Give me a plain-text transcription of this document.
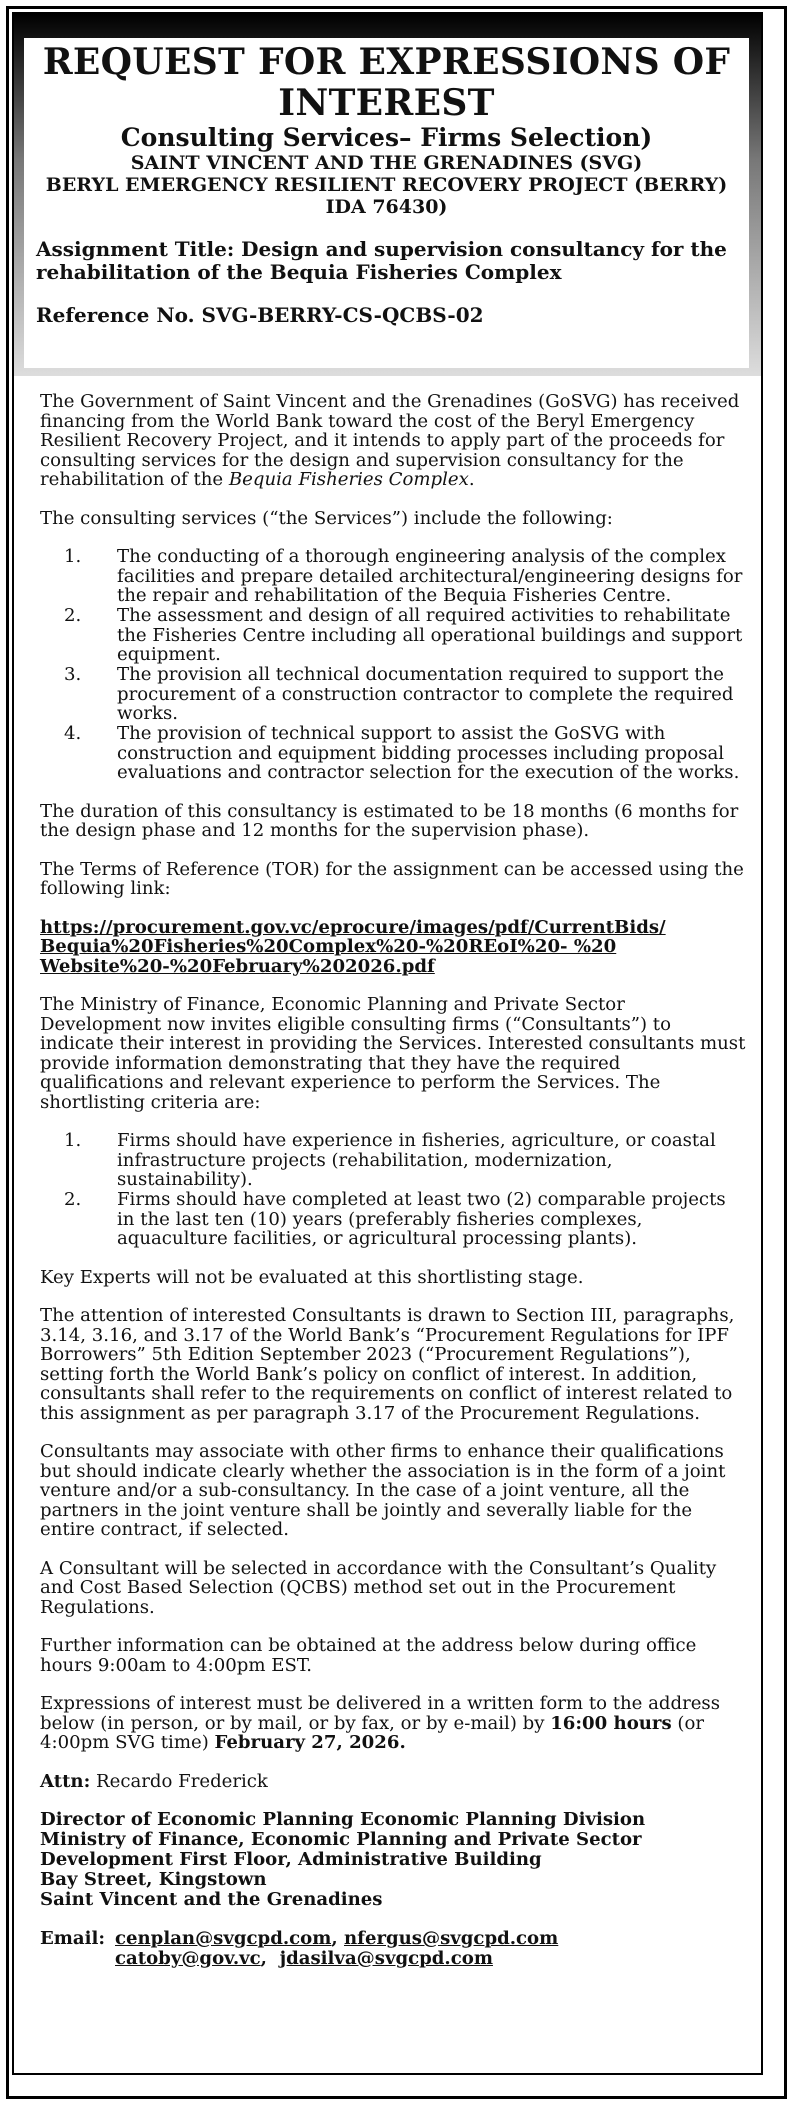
REQUEST FOR EXPRESSIONS OF INTEREST

Consulting Services– Firms Selection)

SAINT VINCENT AND THE GRENADINES (SVG)

BERYL EMERGENCY RESILIENT RECOVERY PROJECT (BERRY)

IDA 76430)

Assignment Title: Design and supervision consultancy for the rehabilitation of the Bequia Fisheries Complex

Reference No. SVG-BERRY-CS-QCBS-02

The Government of Saint Vincent and the Grenadines (GoSVG) has received financing from the World Bank toward the cost of the Beryl Emergency Resilient Recovery Project, and it intends to apply part of the proceeds for consulting services for the design and supervision consultancy for the rehabilitation of the Bequia Fisheries Complex.

The consulting services (“the Services”) include the following:

1. The conducting of a thorough engineering analysis of the complex facilities and prepare detailed architectural/engineering designs for the repair and rehabilitation of the Bequia Fisheries Centre.
2. The assessment and design of all required activities to rehabilitate the Fisheries Centre including all operational buildings and support equipment.
3. The provision all technical documentation required to support the procurement of a construction contractor to complete the required works.
4. The provision of technical support to assist the GoSVG with construction and equipment bidding processes including proposal evaluations and contractor selection for the execution of the works.

The duration of this consultancy is estimated to be 18 months (6 months for the design phase and 12 months for the supervision phase).

The Terms of Reference (TOR) for the assignment can be accessed using the following link:

https://procurement.gov.vc/eprocure/images/pdf/CurrentBids/
Bequia%20Fisheries%20Complex%20-%20REoI%20- %20
Website%20-%20February%202026.pdf

The Ministry of Finance, Economic Planning and Private Sector Development now invites eligible consulting firms (“Consultants”) to indicate their interest in providing the Services. Interested consultants must provide information demonstrating that they have the required qualifications and relevant experience to perform the Services. The shortlisting criteria are:

1. Firms should have experience in fisheries, agriculture, or coastal infrastructure projects (rehabilitation, modernization, sustainability).
2. Firms should have completed at least two (2) comparable projects in the last ten (10) years (preferably fisheries complexes, aquaculture facilities, or agricultural processing plants).

Key Experts will not be evaluated at this shortlisting stage.

The attention of interested Consultants is drawn to Section III, paragraphs, 3.14, 3.16, and 3.17 of the World Bank’s “Procurement Regulations for IPF Borrowers” 5th Edition September 2023 (“Procurement Regulations”), setting forth the World Bank’s policy on conflict of interest. In addition, consultants shall refer to the requirements on conflict of interest related to this assignment as per paragraph 3.17 of the Procurement Regulations.

Consultants may associate with other firms to enhance their qualifications but should indicate clearly whether the association is in the form of a joint venture and/or a sub-consultancy. In the case of a joint venture, all the partners in the joint venture shall be jointly and severally liable for the entire contract, if selected.

A Consultant will be selected in accordance with the Consultant’s Quality and Cost Based Selection (QCBS) method set out in the Procurement Regulations.

Further information can be obtained at the address below during office hours 9:00am to 4:00pm EST.

Expressions of interest must be delivered in a written form to the address below (in person, or by mail, or by fax, or by e-mail) by 16:00 hours (or 4:00pm SVG time) February 27, 2026.

Attn: Recardo Frederick

Director of Economic Planning Economic Planning Division
Ministry of Finance, Economic Planning and Private Sector
Development First Floor, Administrative Building
Bay Street, Kingstown
Saint Vincent and the Grenadines

Email: cenplan@svgcpd.com, nfergus@svgcpd.com
catoby@gov.vc,  jdasilva@svgcpd.com
